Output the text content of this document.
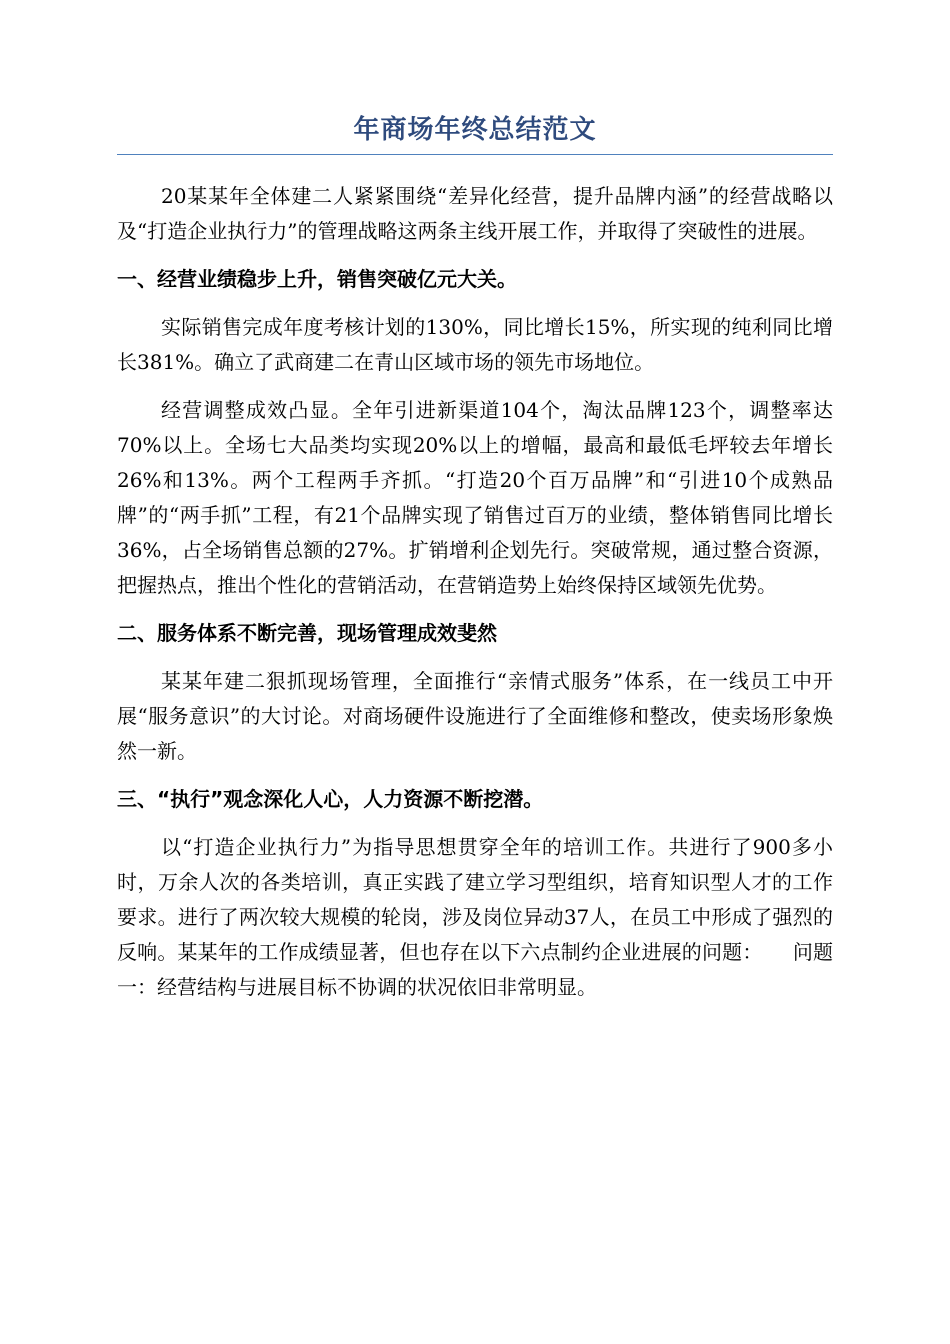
年商场年终总结范文

20某某年全体建二人紧紧围绕“差异化经营，提升品牌内涵”的经营战略以及“打造企业执行力”的管理战略这两条主线开展工作，并取得了突破性的进展。

一、经营业绩稳步上升，销售突破亿元大关。

实际销售完成年度考核计划的130%，同比增长15%，所实现的纯利同比增长381%。确立了武商建二在青山区域市场的领先市场地位。

经营调整成效凸显。全年引进新渠道104个，淘汰品牌123个，调整率达70%以上。全场七大品类均实现20%以上的增幅，最高和最低毛坪较去年增长26%和13%。两个工程两手齐抓。“打造20个百万品牌”和“引进10个成熟品牌”的“两手抓”工程，有21个品牌实现了销售过百万的业绩，整体销售同比增长36%，占全场销售总额的27%。扩销增利企划先行。突破常规，通过整合资源，把握热点，推出个性化的营销活动，在营销造势上始终保持区域领先优势。

二、服务体系不断完善，现场管理成效斐然

某某年建二狠抓现场管理，全面推行“亲情式服务”体系，在一线员工中开展“服务意识”的大讨论。对商场硬件设施进行了全面维修和整改，使卖场形象焕然一新。

三、“执行”观念深化人心，人力资源不断挖潜。

以“打造企业执行力”为指导思想贯穿全年的培训工作。共进行了900多小时，万余人次的各类培训，真正实践了建立学习型组织，培育知识型人才的工作要求。进行了两次较大规模的轮岗，涉及岗位异动37人，在员工中形成了强烈的反响。某某年的工作成绩显著，但也存在以下六点制约企业进展的问题：　　问题一：经营结构与进展目标不协调的状况依旧非常明显。
